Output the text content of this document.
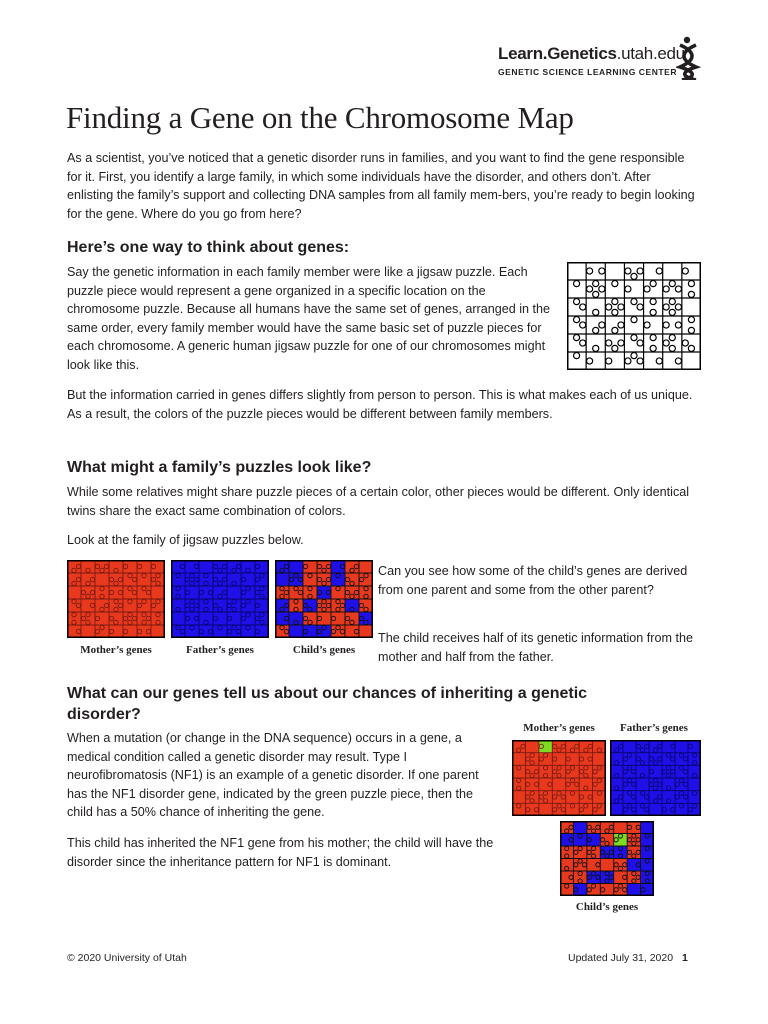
Learn.Genetics.utah.edu
GENETIC SCIENCE LEARNING CENTER
Finding a Gene on the Chromosome Map

As a scientist, you’ve noticed that a genetic disorder runs in families, and you want to find the gene responsible for it. First, you identify a large family, in which some individuals have the disorder, and others don’t. After enlisting the family’s support and collecting DNA samples from all family mem-bers, you’re ready to begin looking for the gene. Where do you go from here?

Here’s one way to think about genes:

Say the genetic information in each family member were like a jigsaw puzzle. Each puzzle piece would represent a gene organized in a specific location on the chromosome puzzle. Because all humans have the same set of genes, arranged in the same order, every family member would have the same basic set of puzzle pieces for each chromosome. A generic human jigsaw puzzle for one of our chromosomes might look like this.

But the information carried in genes differs slightly from person to person. This is what makes each of us unique. As a result, the colors of the puzzle pieces would be different between family members.

What might a family’s puzzles look like?

While some relatives might share puzzle pieces of a certain color, other pieces would be different. Only identical twins share the exact same combination of colors.

Look at the family of jigsaw puzzles below.

Mother’s genes	Father’s genes	Child’s genes

Can you see how some of the child’s genes are derived from one parent and some from the other parent?

The child receives half of its genetic information from the mother and half from the father.

What can our genes tell us about our chances of inheriting a genetic disorder?

When a mutation (or change in the DNA sequence) occurs in a gene, a medical condition called a genetic disorder may result. Type I neurofibromatosis (NF1) is an example of a genetic disorder. If one parent has the NF1 disorder gene, indicated by the green puzzle piece, then the child has a 50% chance of inheriting the gene.

This child has inherited the NF1 gene from his mother; the child will have the disorder since the inheritance pattern for NF1 is dominant.

Mother’s genes	Father’s genes
Child’s genes
© 2020 University of Utah	Updated July 31, 2020 1
